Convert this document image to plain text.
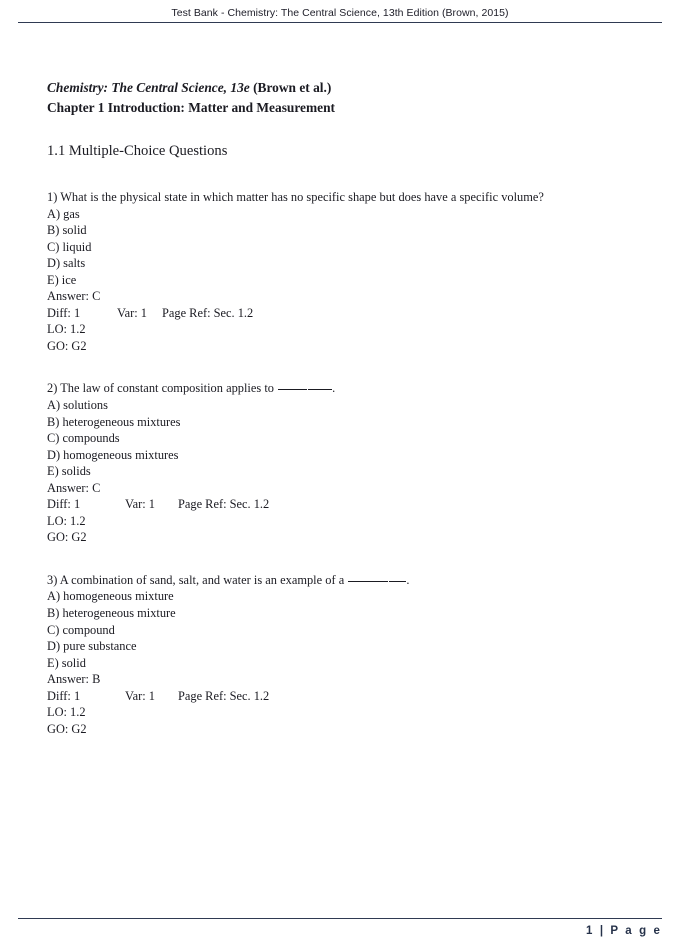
Test Bank - Chemistry: The Central Science, 13th Edition (Brown, 2015)
Chemistry: The Central Science, 13e (Brown et al.)
Chapter 1 Introduction: Matter and Measurement
1.1 Multiple-Choice Questions
1) What is the physical state in which matter has no specific shape but does have a specific volume?
A) gas
B) solid
C) liquid
D) salts
E) ice
Answer: C
Diff: 1	Var: 1	Page Ref: Sec. 1.2
LO: 1.2
GO: G2
2) The law of constant composition applies to	.
A) solutions
B) heterogeneous mixtures
C) compounds
D) homogeneous mixtures
E) solids
Answer: C
Diff: 1	Var: 1	Page Ref: Sec. 1.2
LO: 1.2
GO: G2
3) A combination of sand, salt, and water is an example of a	.
A) homogeneous mixture
B) heterogeneous mixture
C) compound
D) pure substance
E) solid
Answer: B
Diff: 1	Var: 1	Page Ref: Sec. 1.2
LO: 1.2
GO: G2
1 | P a g e
